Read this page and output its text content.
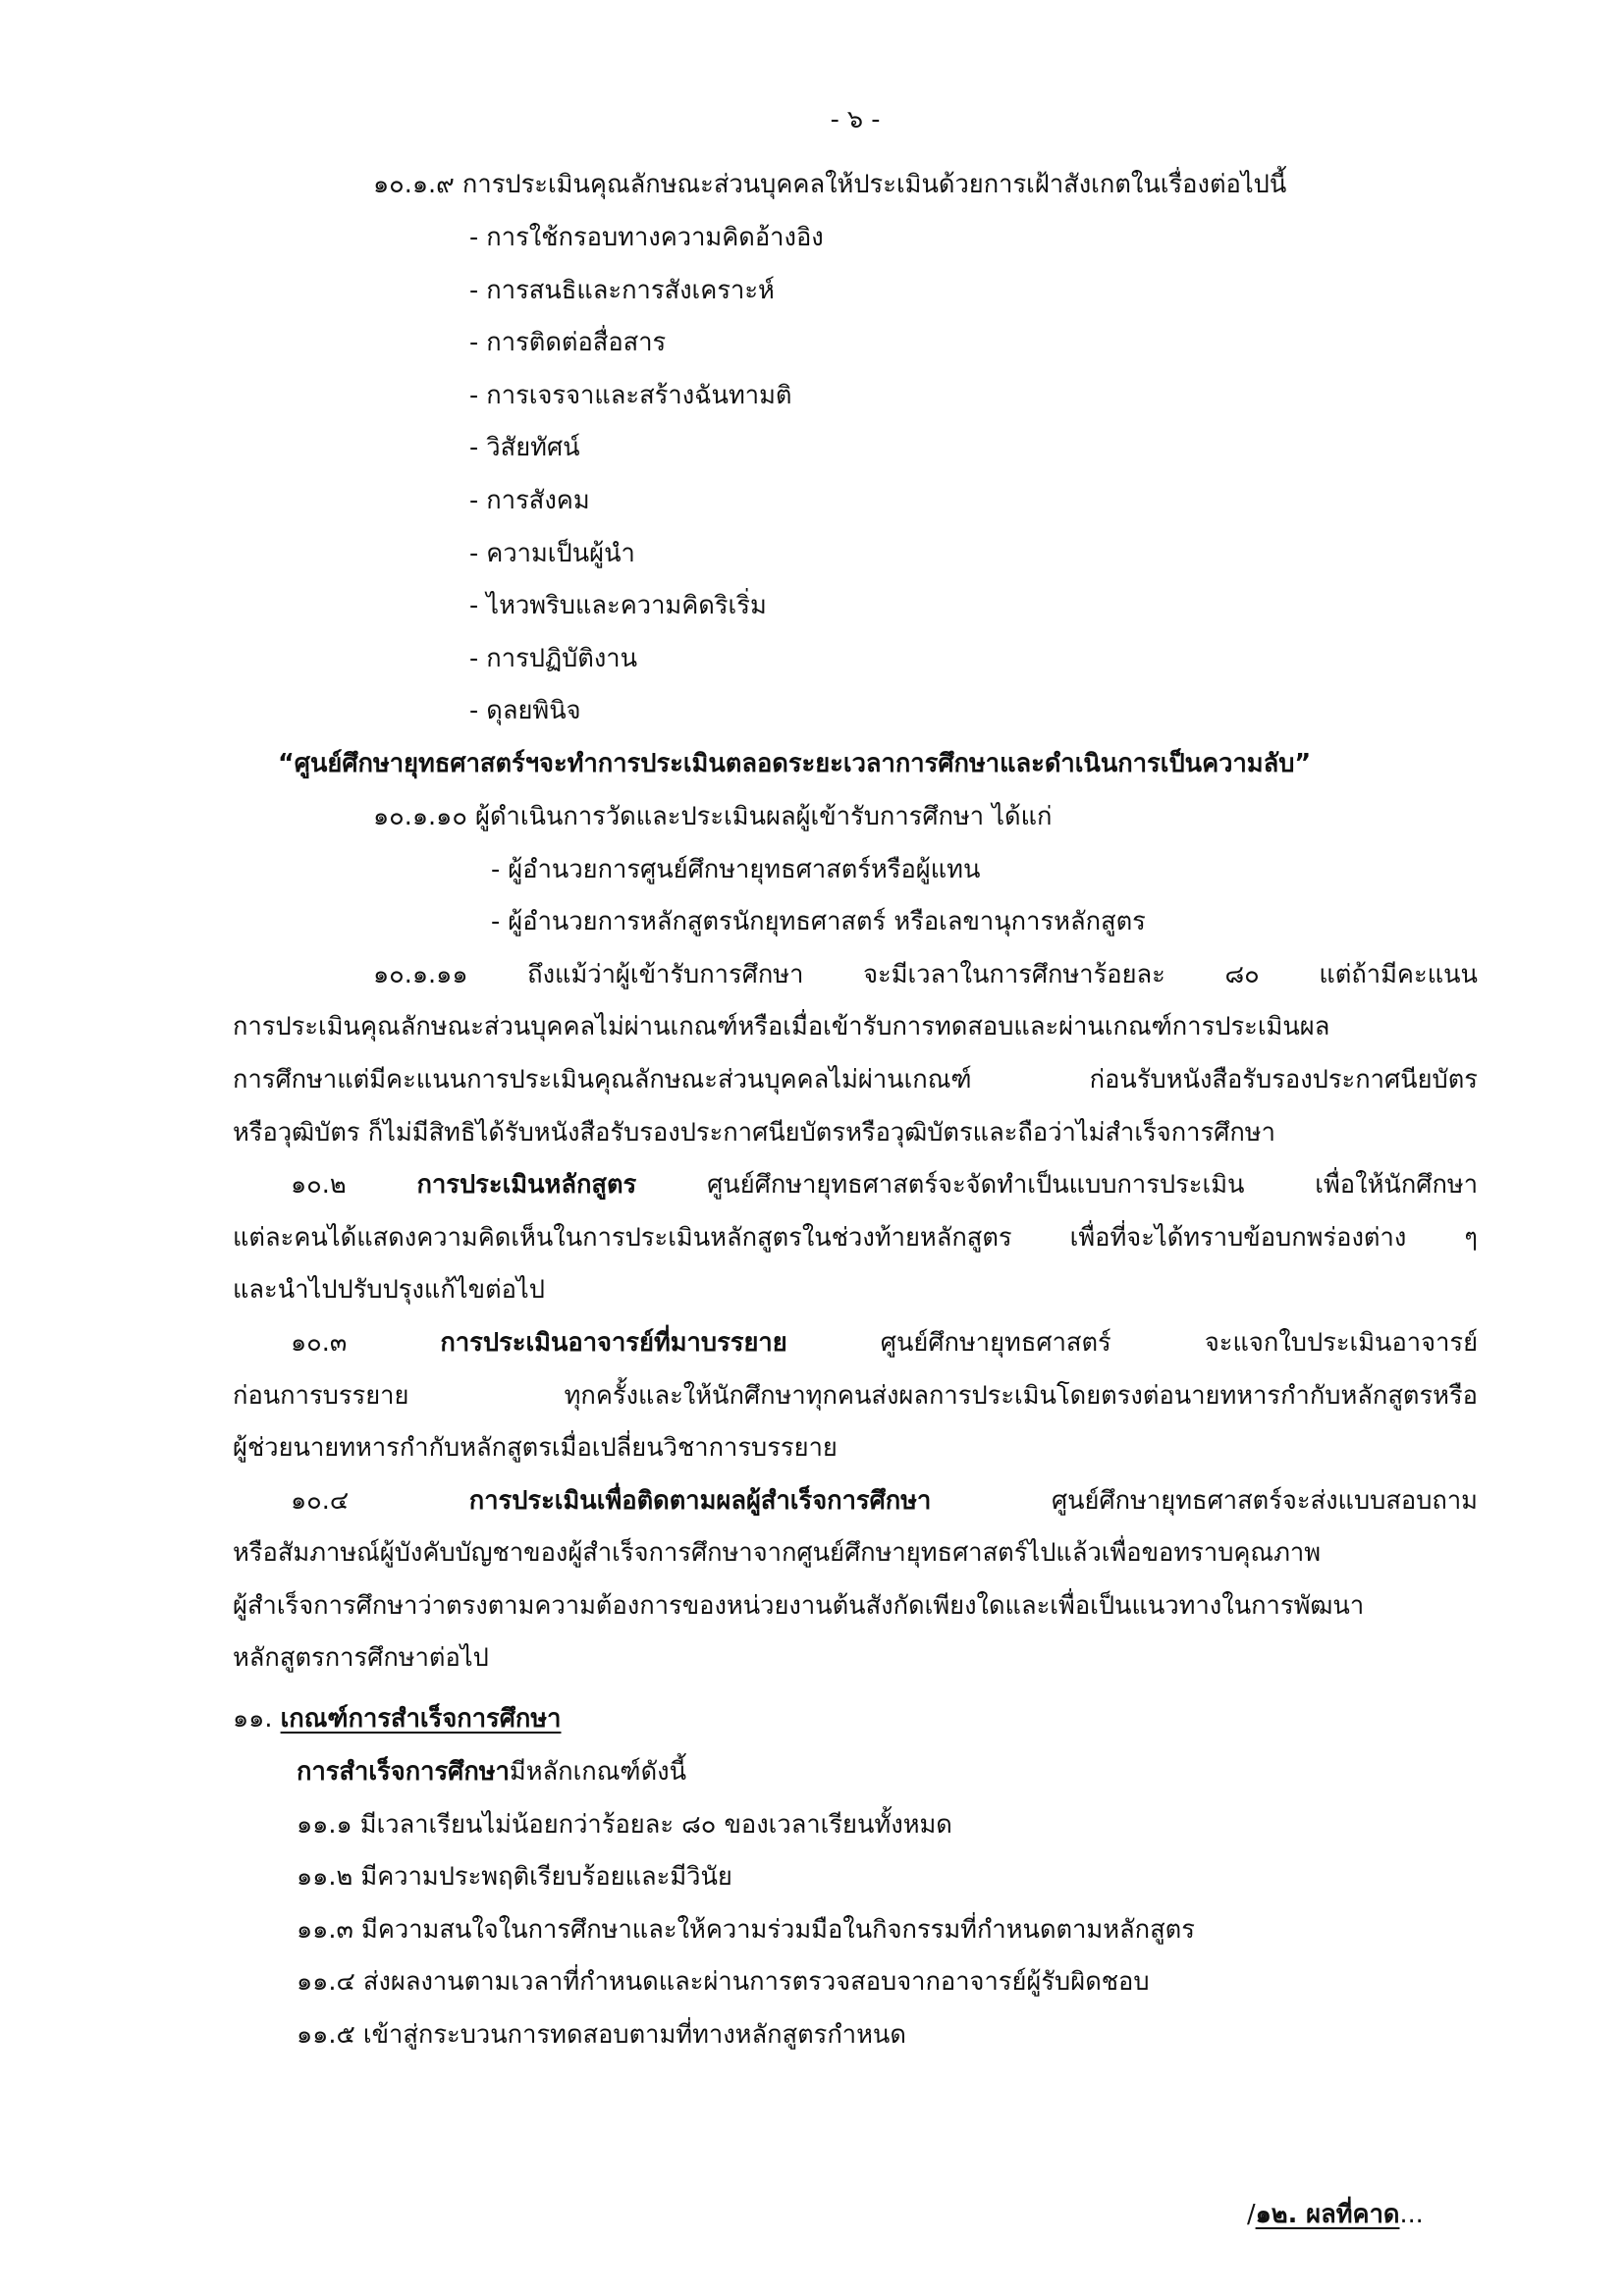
- ๖ -

๑๐.๑.๙ การประเมินคุณลักษณะส่วนบุคคลให้ประเมินด้วยการเฝ้าสังเกตในเรื่องต่อไปนี้

- การใช้กรอบทางความคิดอ้างอิง

- การสนธิและการสังเคราะห์

- การติดต่อสื่อสาร

- การเจรจาและสร้างฉันทามติ

- วิสัยทัศน์

- การสังคม

- ความเป็นผู้นำ

- ไหวพริบและความคิดริเริ่ม

- การปฏิบัติงาน

- ดุลยพินิจ

“ศูนย์ศึกษายุทธศาสตร์ฯจะทำการประเมินตลอดระยะเวลาการศึกษาและดำเนินการเป็นความลับ”

๑๐.๑.๑๐ ผู้ดำเนินการวัดและประเมินผลผู้เข้ารับการศึกษา ได้แก่

- ผู้อำนวยการศูนย์ศึกษายุทธศาสตร์หรือผู้แทน

- ผู้อำนวยการหลักสูตรนักยุทธศาสตร์ หรือเลขานุการหลักสูตร

๑๐.๑.๑๑ ถึงแม้ว่าผู้เข้ารับการศึกษา จะมีเวลาในการศึกษาร้อยละ ๘๐ แต่ถ้ามีคะแนน

การประเมินคุณลักษณะส่วนบุคคลไม่ผ่านเกณฑ์หรือเมื่อเข้ารับการทดสอบและผ่านเกณฑ์การประเมินผล

การศึกษาแต่มีคะแนนการประเมินคุณลักษณะส่วนบุคคลไม่ผ่านเกณฑ์ ก่อนรับหนังสือรับรองประกาศนียบัตร

หรือวุฒิบัตร ก็ไม่มีสิทธิได้รับหนังสือรับรองประกาศนียบัตรหรือวุฒิบัตรและถือว่าไม่สำเร็จการศึกษา

๑๐.๒	การประเมินหลักสูตร	ศูนย์ศึกษายุทธศาสตร์จะจัดทำเป็นแบบการประเมิน เพื่อให้นักศึกษา

แต่ละคนได้แสดงความคิดเห็นในการประเมินหลักสูตรในช่วงท้ายหลักสูตร เพื่อที่จะได้ทราบข้อบกพร่องต่าง ๆ

และนำไปปรับปรุงแก้ไขต่อไป

๑๐.๓	การประเมินอาจารย์ที่มาบรรยาย	ศูนย์ศึกษายุทธศาสตร์ จะแจกใบประเมินอาจารย์

ก่อนการบรรยาย ทุกครั้งและให้นักศึกษาทุกคนส่งผลการประเมินโดยตรงต่อนายทหารกำกับหลักสูตรหรือ

ผู้ช่วยนายทหารกำกับหลักสูตรเมื่อเปลี่ยนวิชาการบรรยาย

๑๐.๔	การประเมินเพื่อติดตามผลผู้สำเร็จการศึกษา	ศูนย์ศึกษายุทธศาสตร์จะส่งแบบสอบถาม

หรือสัมภาษณ์ผู้บังคับบัญชาของผู้สำเร็จการศึกษาจากศูนย์ศึกษายุทธศาสตร์ไปแล้วเพื่อขอทราบคุณภาพ

ผู้สำเร็จการศึกษาว่าตรงตามความต้องการของหน่วยงานต้นสังกัดเพียงใดและเพื่อเป็นแนวทางในการพัฒนา

หลักสูตรการศึกษาต่อไป

๑๑. เกณฑ์การสำเร็จการศึกษา

การสำเร็จการศึกษามีหลักเกณฑ์ดังนี้

๑๑.๑ มีเวลาเรียนไม่น้อยกว่าร้อยละ ๘๐ ของเวลาเรียนทั้งหมด

๑๑.๒ มีความประพฤติเรียบร้อยและมีวินัย

๑๑.๓ มีความสนใจในการศึกษาและให้ความร่วมมือในกิจกรรมที่กำหนดตามหลักสูตร

๑๑.๔ ส่งผลงานตามเวลาที่กำหนดและผ่านการตรวจสอบจากอาจารย์ผู้รับผิดชอบ

๑๑.๕ เข้าสู่กระบวนการทดสอบตามที่ทางหลักสูตรกำหนด

/๑๒. ผลที่คาด...
